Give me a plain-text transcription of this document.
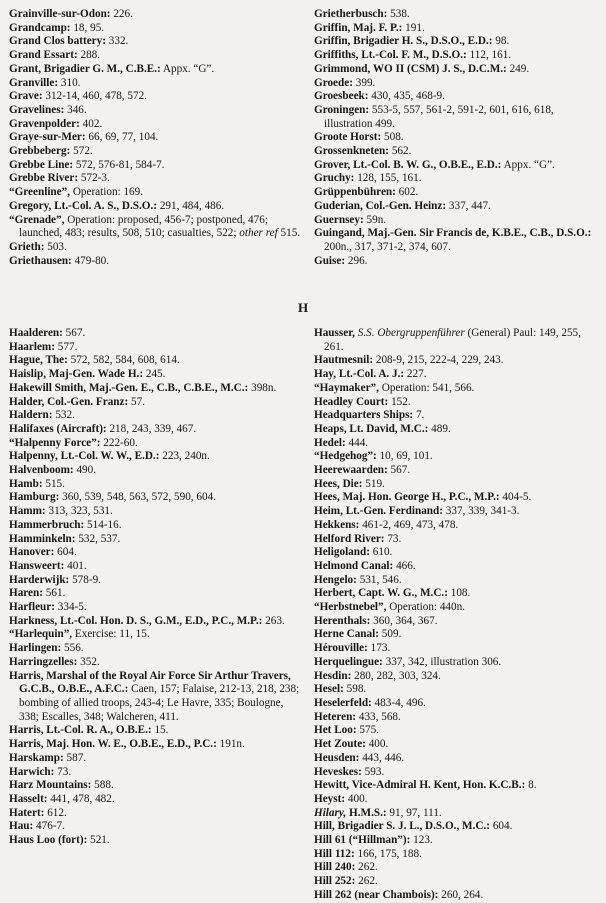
Grainville-sur-Odon: 226.

Grandcamp: 18, 95.

Grand Clos battery: 332.

Grand Essart: 288.

Grant, Brigadier G. M., C.B.E.: Appx. “G”.

Granville: 310.

Grave: 312-14, 460, 478, 572.

Gravelines: 346.

Gravenpolder: 402.

Graye-sur-Mer: 66, 69, 77, 104.

Grebbeberg: 572.

Grebbe Line: 572, 576-81, 584-7.

Grebbe River: 572-3.

“Greenline”, Operation: 169.

Gregory, Lt.-Col. A. S., D.S.O.: 291, 484, 486.

“Grenade”, Operation: proposed, 456-7; postponed, 476; launched, 483; results, 508, 510; casualties, 522; other ref 515.

Grieth: 503.

Griethausen: 479-80.

Grietherbusch: 538.

Griffin, Maj. F. P.: 191.

Griffin, Brigadier H. S., D.S.O., E.D.: 98.

Griffiths, Lt.-Col. F. M., D.S.O.: 112, 161.

Grimmond, WO II (CSM) J. S., D.C.M.: 249.

Groede: 399.

Groesbeek: 430, 435, 468-9.

Groningen: 553-5, 557, 561-2, 591-2, 601, 616, 618, illustration 499.

Groote Horst: 508.

Grossenkneten: 562.

Grover, Lt.-Col. B. W. G., O.B.E., E.D.: Appx. “G”.

Gruchy: 128, 155, 161.

Grüppenbühren: 602.

Guderian, Col.-Gen. Heinz: 337, 447.

Guernsey: 59n.

Guingand, Maj.-Gen. Sir Francis de, K.B.E., C.B., D.S.O.: 200n., 317, 371-2, 374, 607.

Guise: 296.

H

Haalderen: 567.

Haarlem: 577.

Hague, The: 572, 582, 584, 608, 614.

Haislip, Maj-Gen. Wade H.: 245.

Hakewill Smith, Maj.-Gen. E., C.B., C.B.E., M.C.: 398n.

Halder, Col.-Gen. Franz: 57.

Haldern: 532.

Halifaxes (Aircraft): 218, 243, 339, 467.

“Halpenny Force”: 222-60.

Halpenny, Lt.-Col. W. W., E.D.: 223, 240n.

Halvenboom: 490.

Hamb: 515.

Hamburg: 360, 539, 548, 563, 572, 590, 604.

Hamm: 313, 323, 531.

Hammerbruch: 514-16.

Hamminkeln: 532, 537.

Hanover: 604.

Hansweert: 401.

Harderwijk: 578-9.

Haren: 561.

Harfleur: 334-5.

Harkness, Lt.-Col. Hon. D. S., G.M., E.D., P.C., M.P.: 263.

“Harlequin”, Exercise: 11, 15.

Harlingen: 556.

Harringzelles: 352.

Harris, Marshal of the Royal Air Force Sir Arthur Travers, G.C.B., O.B.E., A.F.C.: Caen, 157; Falaise, 212-13, 218, 238; bombing of allied troops, 243-4; Le Havre, 335; Boulogne, 338; Escalles, 348; Walcheren, 411.

Harris, Lt.-Col. R. A., O.B.E.: 15.

Harris, Maj. Hon. W. E., O.B.E., E.D., P.C.: 191n.

Harskamp: 587.

Harwich: 73.

Harz Mountains: 588.

Hasselt: 441, 478, 482.

Hatert: 612.

Hau: 476-7.

Haus Loo (fort): 521.

Hausser, S.S. Obergruppenführer (General) Paul: 149, 255, 261.

Hautmesnil: 208-9, 215, 222-4, 229, 243.

Hay, Lt.-Col. A. J.: 227.

“Haymaker”, Operation: 541, 566.

Headley Court: 152.

Headquarters Ships: 7.

Heaps, Lt. David, M.C.: 489.

Hedel: 444.

“Hedgehog”: 10, 69, 101.

Heerewaarden: 567.

Hees, Die: 519.

Hees, Maj. Hon. George H., P.C., M.P.: 404-5.

Heim, Lt.-Gen. Ferdinand: 337, 339, 341-3.

Hekkens: 461-2, 469, 473, 478.

Helford River: 73.

Heligoland: 610.

Helmond Canal: 466.

Hengelo: 531, 546.

Herbert, Capt. W. G., M.C.: 108.

“Herbstnebel”, Operation: 440n.

Herenthals: 360, 364, 367.

Herne Canal: 509.

Hérouville: 173.

Herquelingue: 337, 342, illustration 306.

Hesdin: 280, 282, 303, 324.

Hesel: 598.

Heselerfeld: 483-4, 496.

Heteren: 433, 568.

Het Loo: 575.

Het Zoute: 400.

Heusden: 443, 446.

Heveskes: 593.

Hewitt, Vice-Admiral H. Kent, Hon. K.C.B.: 8.

Heyst: 400.

Hilary, H.M.S.: 91, 97, 111.

Hill, Brigadier S. J. L., D.S.O., M.C.: 604.

Hill 61 (“Hillman”): 123.

Hill 112: 166, 175, 188.

Hill 240: 262.

Hill 252: 262.

Hill 262 (near Chambois): 260, 264.
